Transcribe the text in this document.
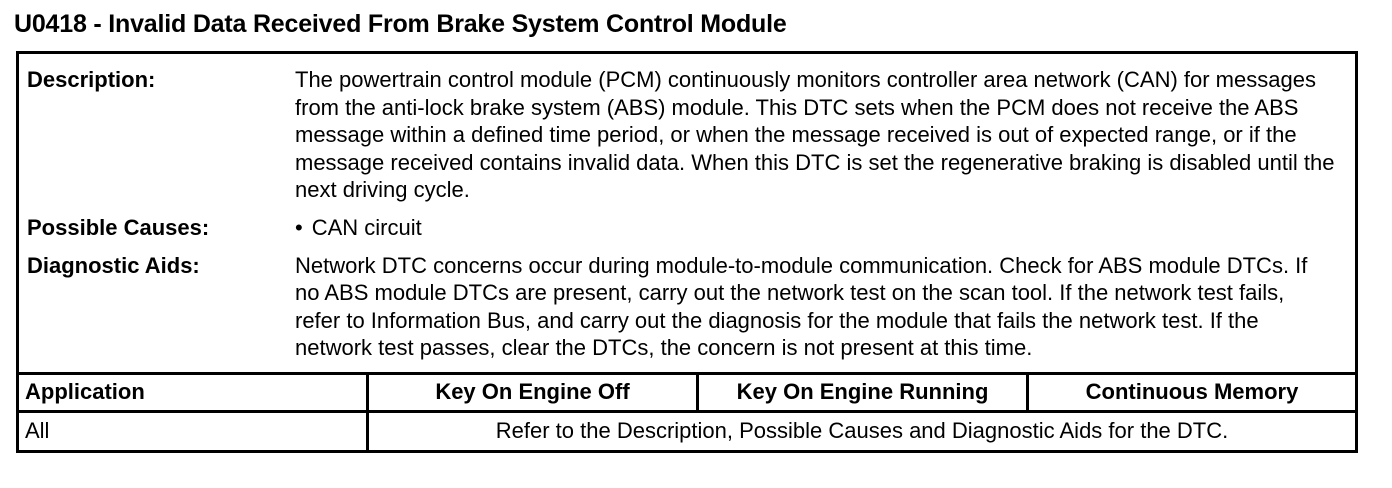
U0418 - Invalid Data Received From Brake System Control Module
Description:	The powertrain control module (PCM) continuously monitors controller area network (CAN) for messages from the anti-lock brake system (ABS) module. This DTC sets when the PCM does not receive the ABS message within a defined time period, or when the message received is out of expected range, or if the message received contains invalid data. When this DTC is set the regenerative braking is disabled until the next driving cycle.
Possible Causes:
•	CAN circuit
Diagnostic Aids:	Network DTC concerns occur during module-to-module communication. Check for ABS module DTCs. If no ABS module DTCs are present, carry out the network test on the scan tool. If the network test fails, refer to Information Bus, and carry out the diagnosis for the module that fails the network test. If the network test passes, clear the DTCs, the concern is not present at this time.
Application	Key On Engine Off	Key On Engine Running	Continuous Memory
All	Refer to the Description, Possible Causes and Diagnostic Aids for the DTC.
